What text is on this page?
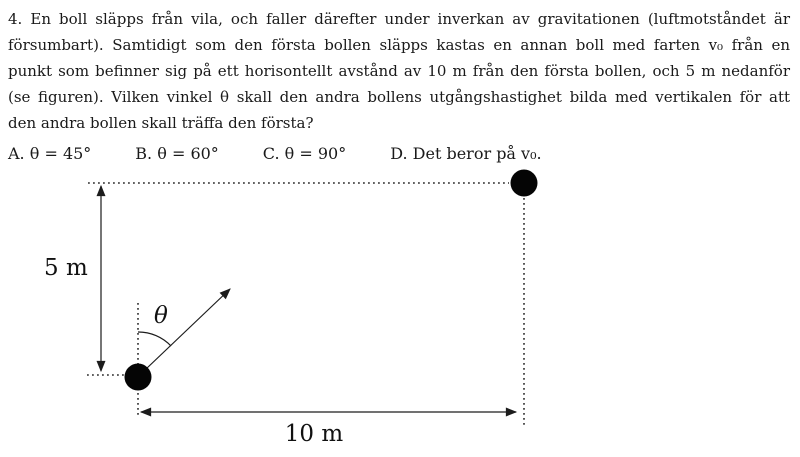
4. En boll släpps från vila, och faller därefter under inverkan av gravitationen (luftmotståndet är
försumbart). Samtidigt som den första bollen släpps kastas en annan boll med farten v₀ från en
punkt som befinner sig på ett horisontellt avstånd av 10 m från den första bollen, och 5 m nedanför
(se figuren). Vilken vinkel θ skall den andra bollens utgångshastighet bilda med vertikalen för att
den andra bollen skall träffa den första?
A. θ = 45°	B. θ = 60°	C. θ = 90°	D. Det beror på v₀.
5 m
10 m
θ
